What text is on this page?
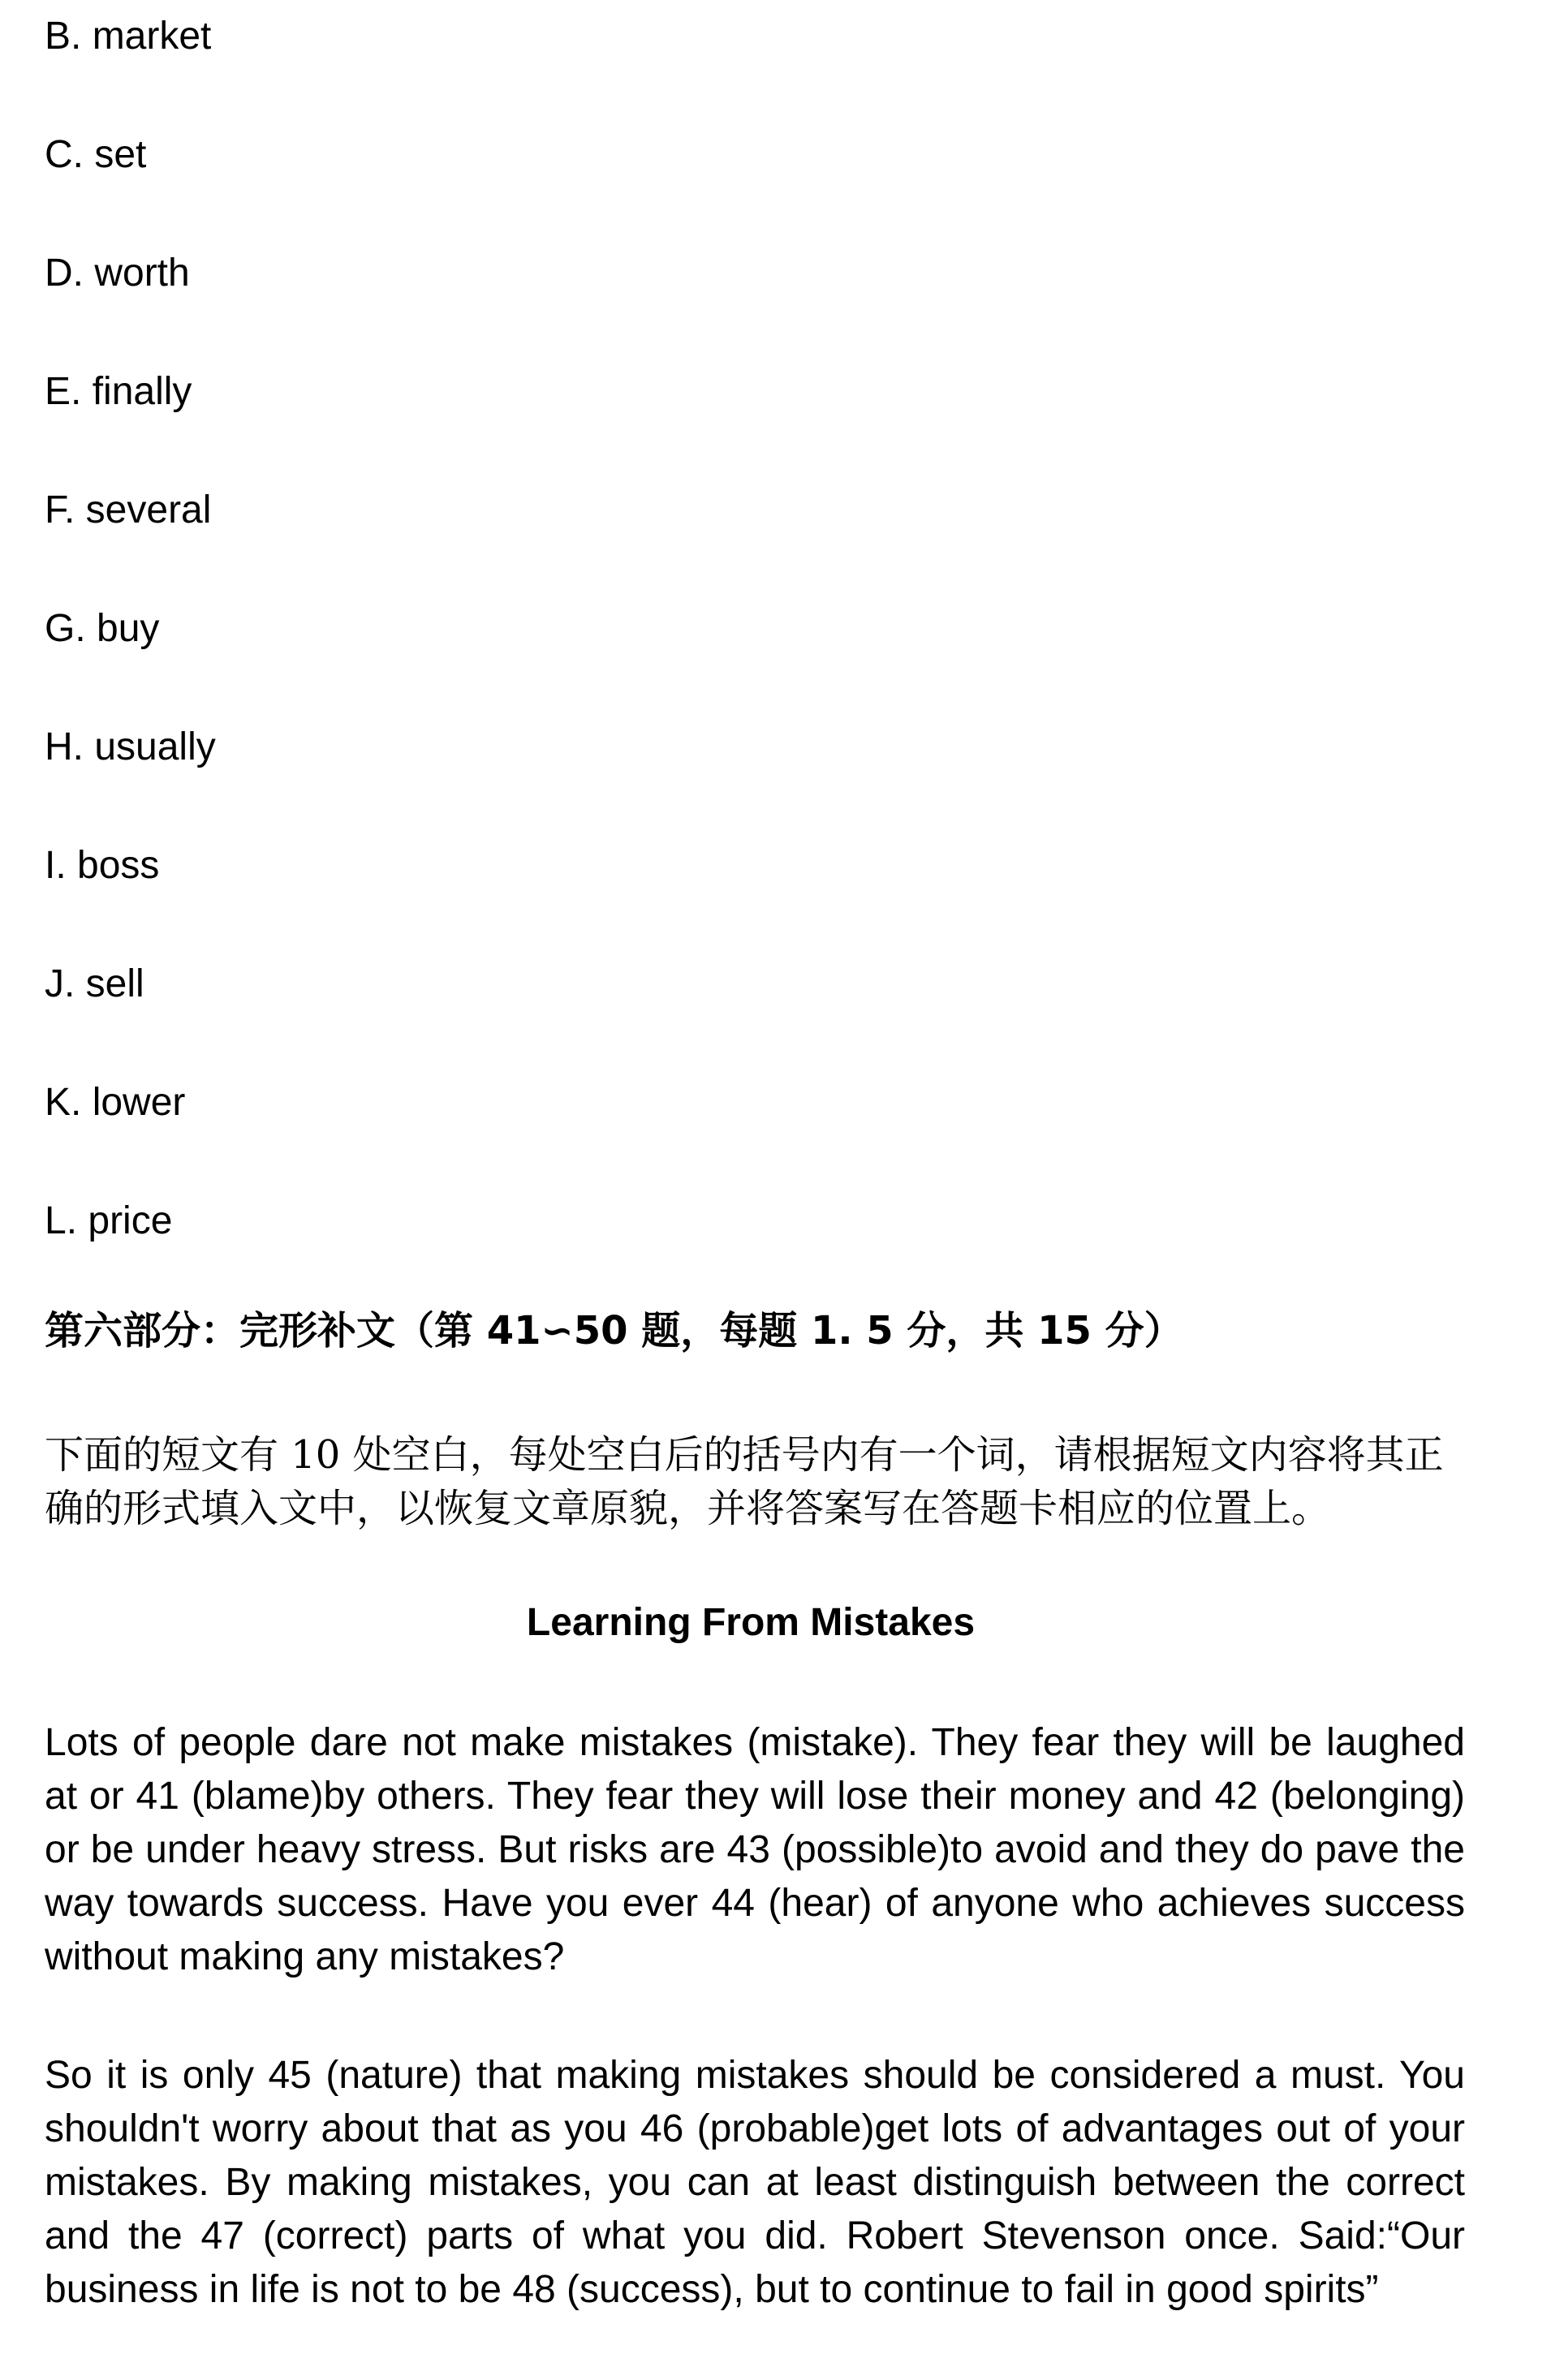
B. market
C. set
D. worth
E. finally
F. several
G. buy
H. usually
I. boss
J. sell
K. lower
L. price
第六部分：完形补文（第 41∽50 题，每题 1. 5 分，共 15 分）

下面的短文有 10 处空白，每处空白后的括号内有一个词，请根据短文内容将其正确的形式填入文中，以恢复文章原貌，并将答案写在答题卡相应的位置上。

Learning From Mistakes

Lots of people dare not make mistakes (mistake). They fear they will be laughed at or 41 (blame)by others. They fear they will lose their money and 42 (belonging) or be under heavy stress. But risks are 43 (possible)to avoid and they do pave the way towards success. Have you ever 44 (hear) of anyone who achieves success without making any mistakes?

So it is only 45 (nature) that making mistakes should be considered a must. You shouldn't worry about that as you 46 (probable)get lots of advantages out of your mistakes. By making mistakes, you can at least distinguish between the correct and the 47 (correct) parts of what you did. Robert Stevenson once. Said:“Our business in life is not to be 48 (success), but to continue to fail in good spirits”
